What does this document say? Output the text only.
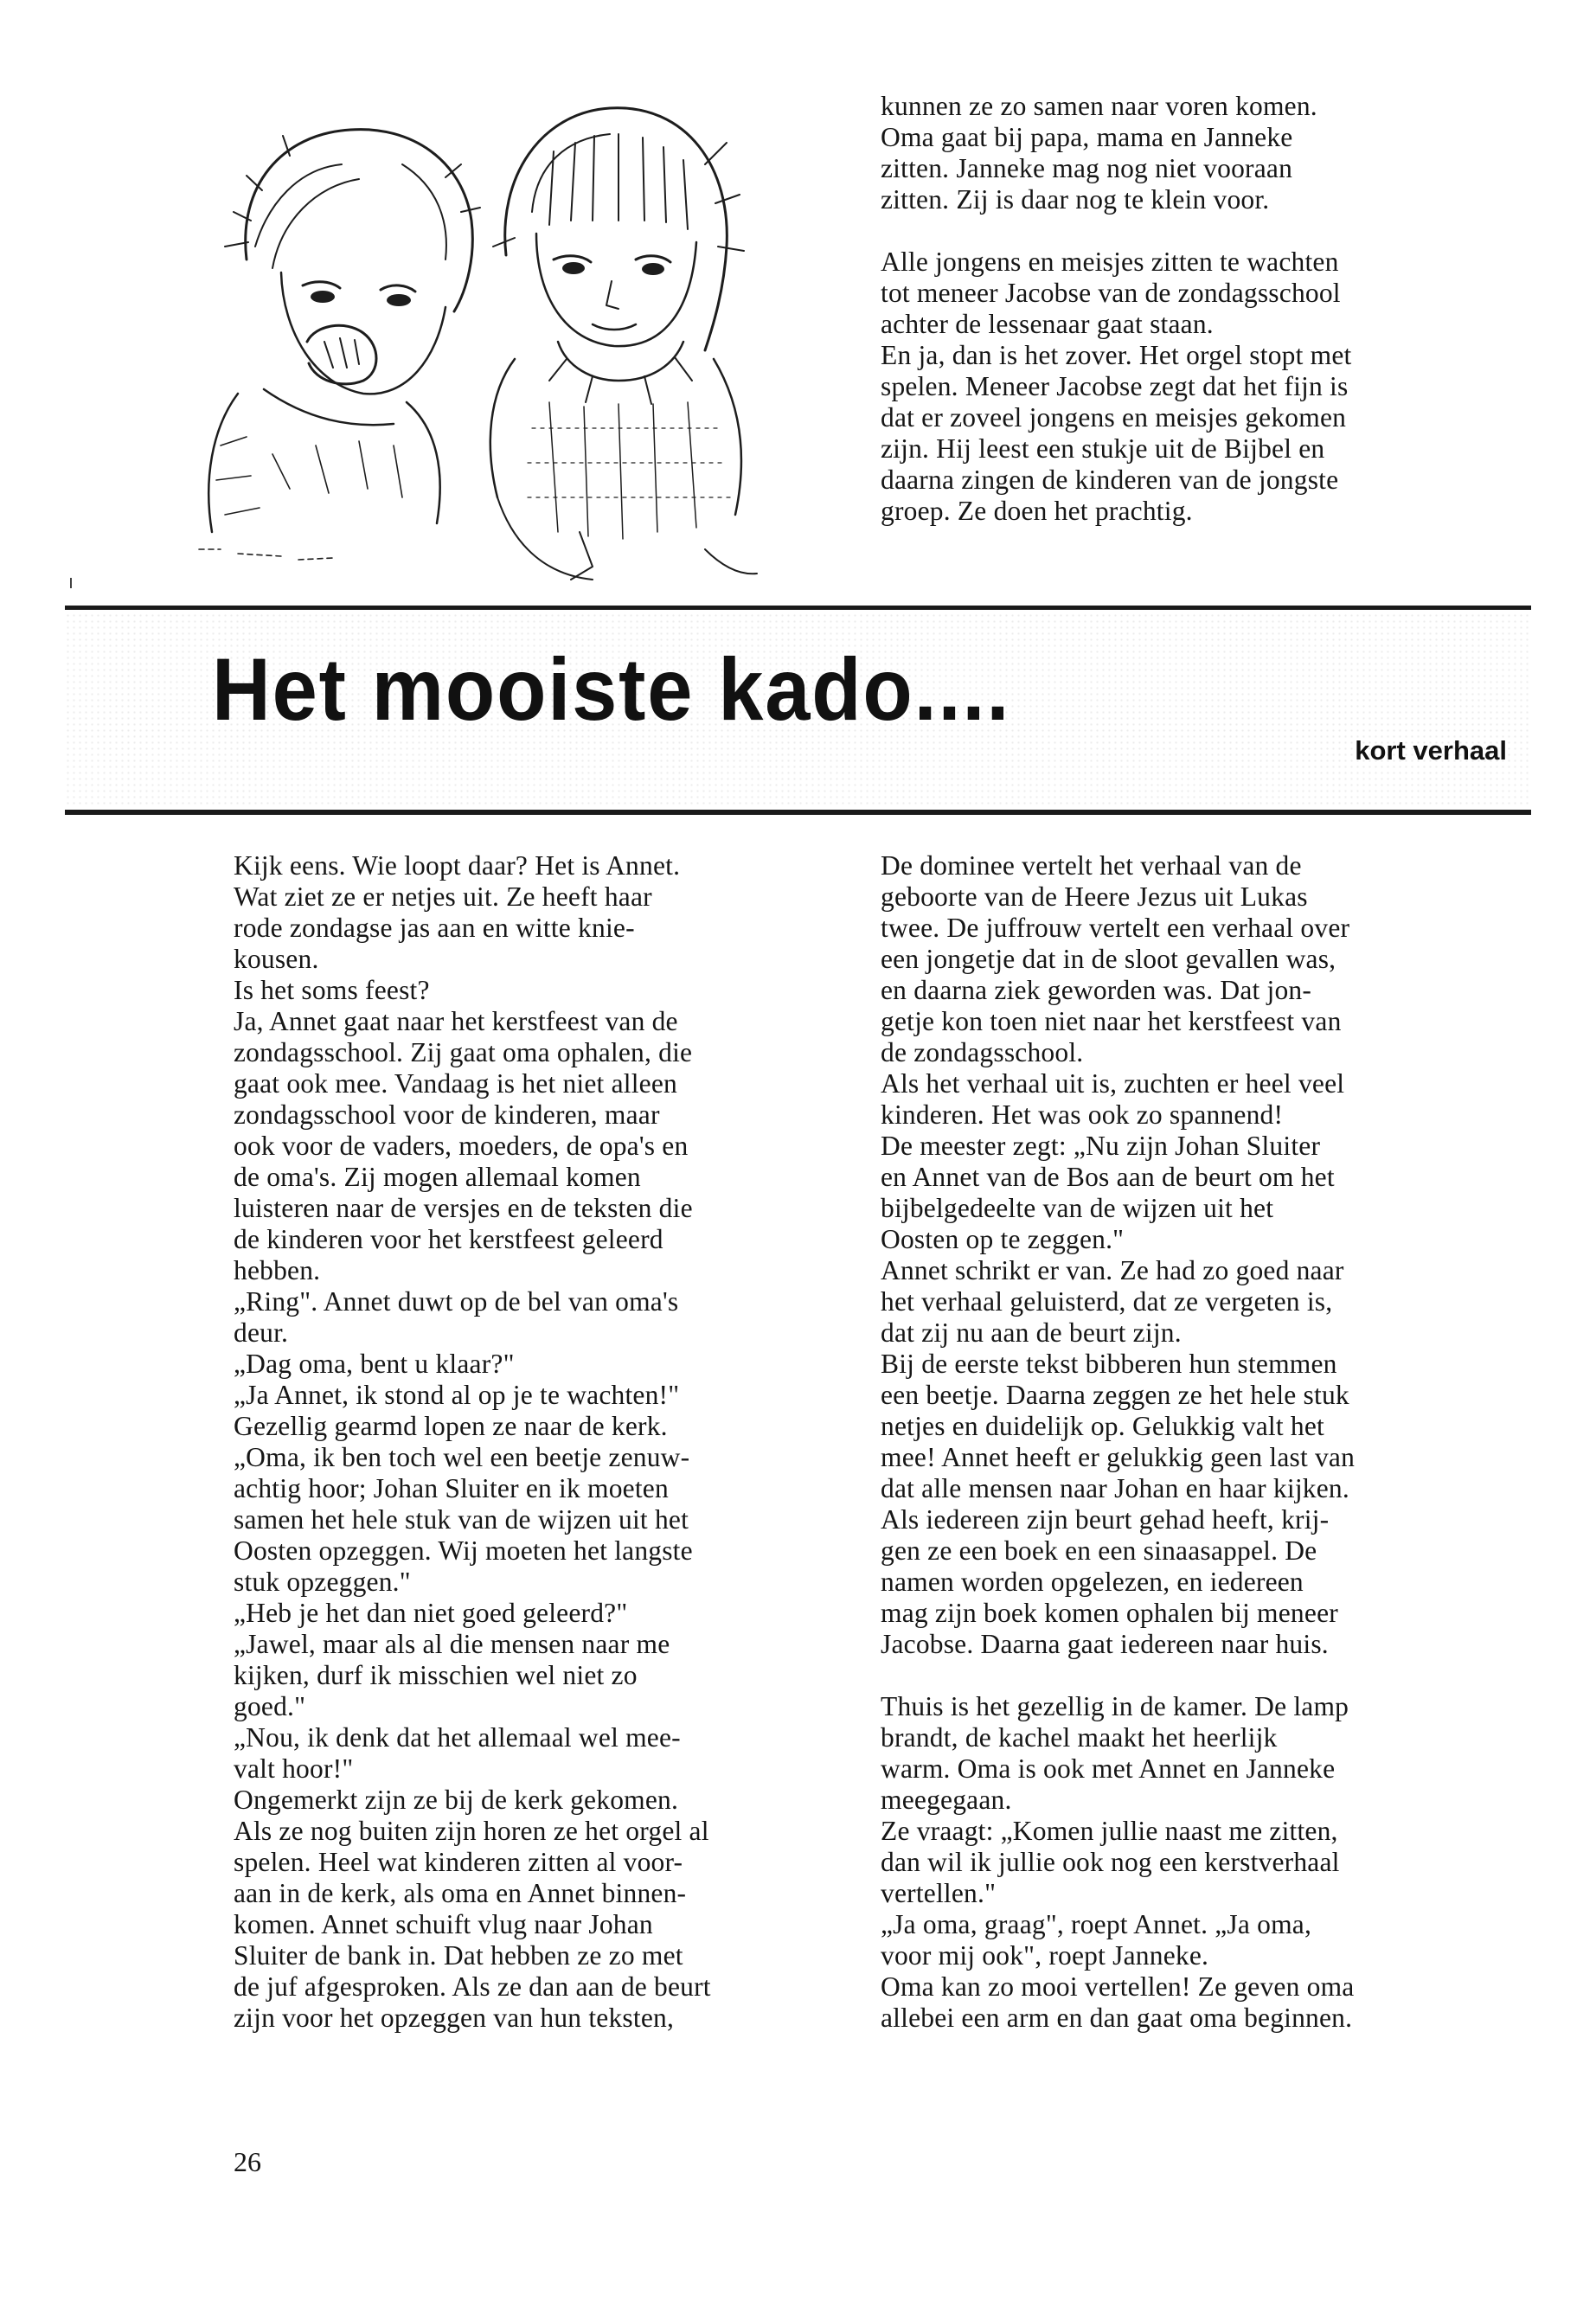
kunnen ze zo samen naar voren komen.

Oma gaat bij papa, mama en Janneke

zitten. Janneke mag nog niet vooraan

zitten. Zij is daar nog te klein voor.

Alle jongens en meisjes zitten te wachten

tot meneer Jacobse van de zondagsschool

achter de lessenaar gaat staan.

En ja, dan is het zover. Het orgel stopt met

spelen. Meneer Jacobse zegt dat het fijn is

dat er zoveel jongens en meisjes gekomen

zijn. Hij leest een stukje uit de Bijbel en

daarna zingen de kinderen van de jongste

groep. Ze doen het prachtig.

Het mooiste kado....
kort verhaal

Kijk eens. Wie loopt daar? Het is Annet.

Wat ziet ze er netjes uit. Ze heeft haar

rode zondagse jas aan en witte knie-

kousen.

Is het soms feest?

Ja, Annet gaat naar het kerstfeest van de

zondagsschool. Zij gaat oma ophalen, die

gaat ook mee. Vandaag is het niet alleen

zondagsschool voor de kinderen, maar

ook voor de vaders, moeders, de opa's en

de oma's. Zij mogen allemaal komen

luisteren naar de versjes en de teksten die

de kinderen voor het kerstfeest geleerd

hebben.

„Ring". Annet duwt op de bel van oma's

deur.

„Dag oma, bent u klaar?"

„Ja Annet, ik stond al op je te wachten!"

Gezellig gearmd lopen ze naar de kerk.

„Oma, ik ben toch wel een beetje zenuw-

achtig hoor; Johan Sluiter en ik moeten

samen het hele stuk van de wijzen uit het

Oosten opzeggen. Wij moeten het langste

stuk opzeggen."

„Heb je het dan niet goed geleerd?"

„Jawel, maar als al die mensen naar me

kijken, durf ik misschien wel niet zo

goed."

„Nou, ik denk dat het allemaal wel mee-

valt hoor!"

Ongemerkt zijn ze bij de kerk gekomen.

Als ze nog buiten zijn horen ze het orgel al

spelen. Heel wat kinderen zitten al voor-

aan in de kerk, als oma en Annet binnen-

komen. Annet schuift vlug naar Johan

Sluiter de bank in. Dat hebben ze zo met

de juf afgesproken. Als ze dan aan de beurt

zijn voor het opzeggen van hun teksten,

De dominee vertelt het verhaal van de

geboorte van de Heere Jezus uit Lukas

twee. De juffrouw vertelt een verhaal over

een jongetje dat in de sloot gevallen was,

en daarna ziek geworden was. Dat jon-

getje kon toen niet naar het kerstfeest van

de zondagsschool.

Als het verhaal uit is, zuchten er heel veel

kinderen. Het was ook zo spannend!

De meester zegt: „Nu zijn Johan Sluiter

en Annet van de Bos aan de beurt om het

bijbelgedeelte van de wijzen uit het

Oosten op te zeggen."

Annet schrikt er van. Ze had zo goed naar

het verhaal geluisterd, dat ze vergeten is,

dat zij nu aan de beurt zijn.

Bij de eerste tekst bibberen hun stemmen

een beetje. Daarna zeggen ze het hele stuk

netjes en duidelijk op. Gelukkig valt het

mee! Annet heeft er gelukkig geen last van

dat alle mensen naar Johan en haar kijken.

Als iedereen zijn beurt gehad heeft, krij-

gen ze een boek en een sinaasappel. De

namen worden opgelezen, en iedereen

mag zijn boek komen ophalen bij meneer

Jacobse. Daarna gaat iedereen naar huis.

Thuis is het gezellig in de kamer. De lamp

brandt, de kachel maakt het heerlijk

warm. Oma is ook met Annet en Janneke

meegegaan.

Ze vraagt: „Komen jullie naast me zitten,

dan wil ik jullie ook nog een kerstverhaal

vertellen."

„Ja oma, graag", roept Annet. „Ja oma,

voor mij ook", roept Janneke.

Oma kan zo mooi vertellen! Ze geven oma

allebei een arm en dan gaat oma beginnen.

26
